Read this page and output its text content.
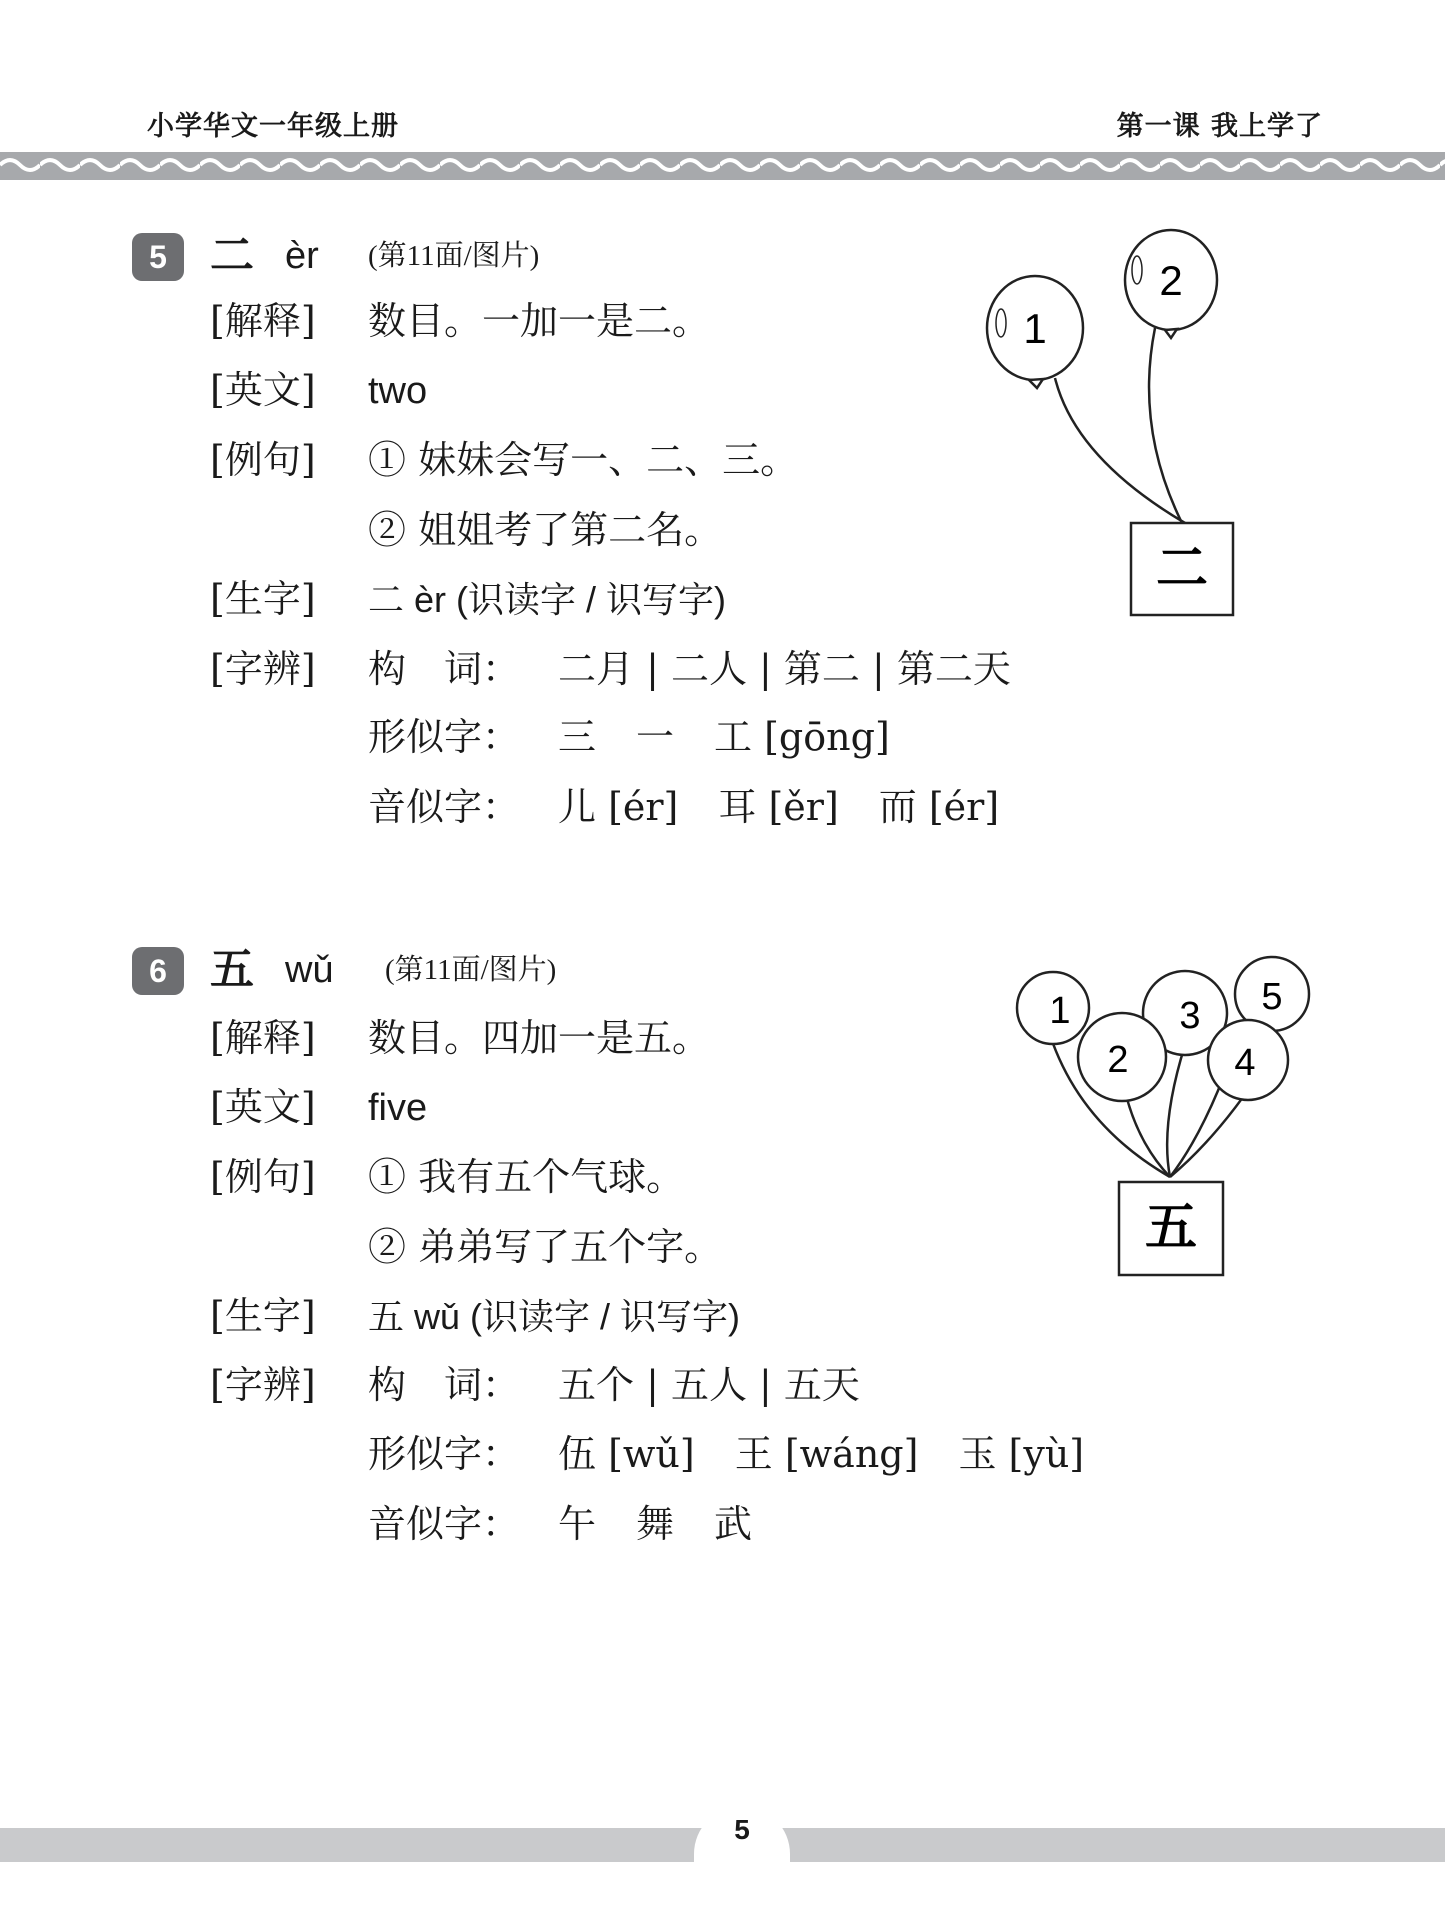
小学华文一年级上册	第一课 我上学了
5 二 èr (第11面/图片)
[解释] 数目。一加一是二。
[英文] two
[例句] ① 妹妹会写一、二、三。
② 姐姐考了第二名。
[生字] 二 èr (识读字 / 识写字)
[字辨] 构　词： 二月 | 二人 | 第二 | 第二天
形似字： 三 一 工 [gōng]
音似字： 儿 [ér] 耳 [ěr] 而 [ér]
1
2
二
6 五 wǔ (第11面/图片)
[解释] 数目。四加一是五。
[英文] five
[例句] ① 我有五个气球。
② 弟弟写了五个字。
[生字] 五 wǔ (识读字 / 识写字)
[字辨] 构　词： 五个 | 五人 | 五天
形似字： 伍 [wǔ] 王 [wáng] 玉 [yù]
音似字： 午 舞 武
1
2
3
4
5
五
5
